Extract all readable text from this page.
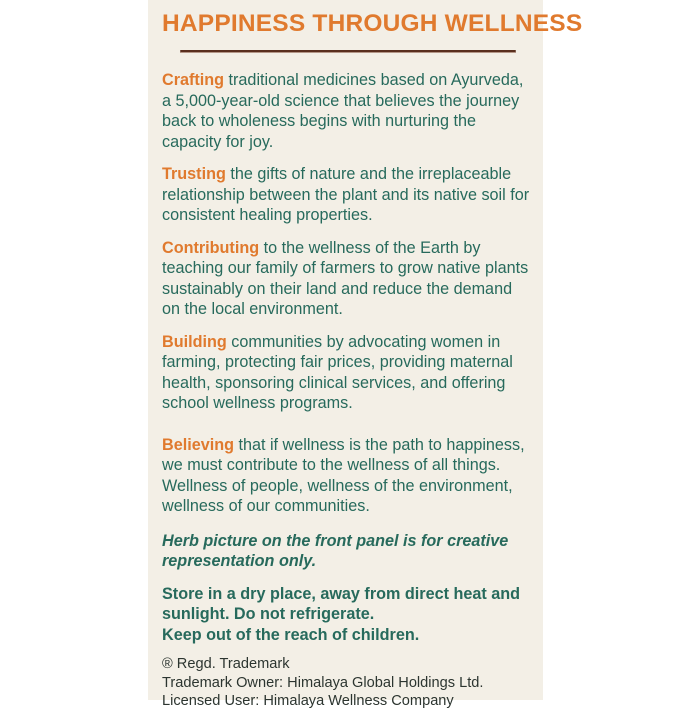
HAPPINESS THROUGH WELLNESS

Crafting traditional medicines based on Ayurveda, a 5,000-year-old science that believes the journey back to wholeness begins with nurturing the capacity for joy.

Trusting the gifts of nature and the irreplaceable relationship between the plant and its native soil for consistent healing properties.

Contributing to the wellness of the Earth by teaching our family of farmers to grow native plants sustainably on their land and reduce the demand on the local environment.

Building communities by advocating women in farming, protecting fair prices, providing maternal health, sponsoring clinical services, and offering school wellness programs.

Believing that if wellness is the path to happiness, we must contribute to the wellness of all things. Wellness of people, wellness of the environment, wellness of our communities.

Herb picture on the front panel is for creative representation only.

Store in a dry place, away from direct heat and sunlight. Do not refrigerate.
Keep out of the reach of children.

® Regd. Trademark
Trademark Owner: Himalaya Global Holdings Ltd.
Licensed User: Himalaya Wellness Company
